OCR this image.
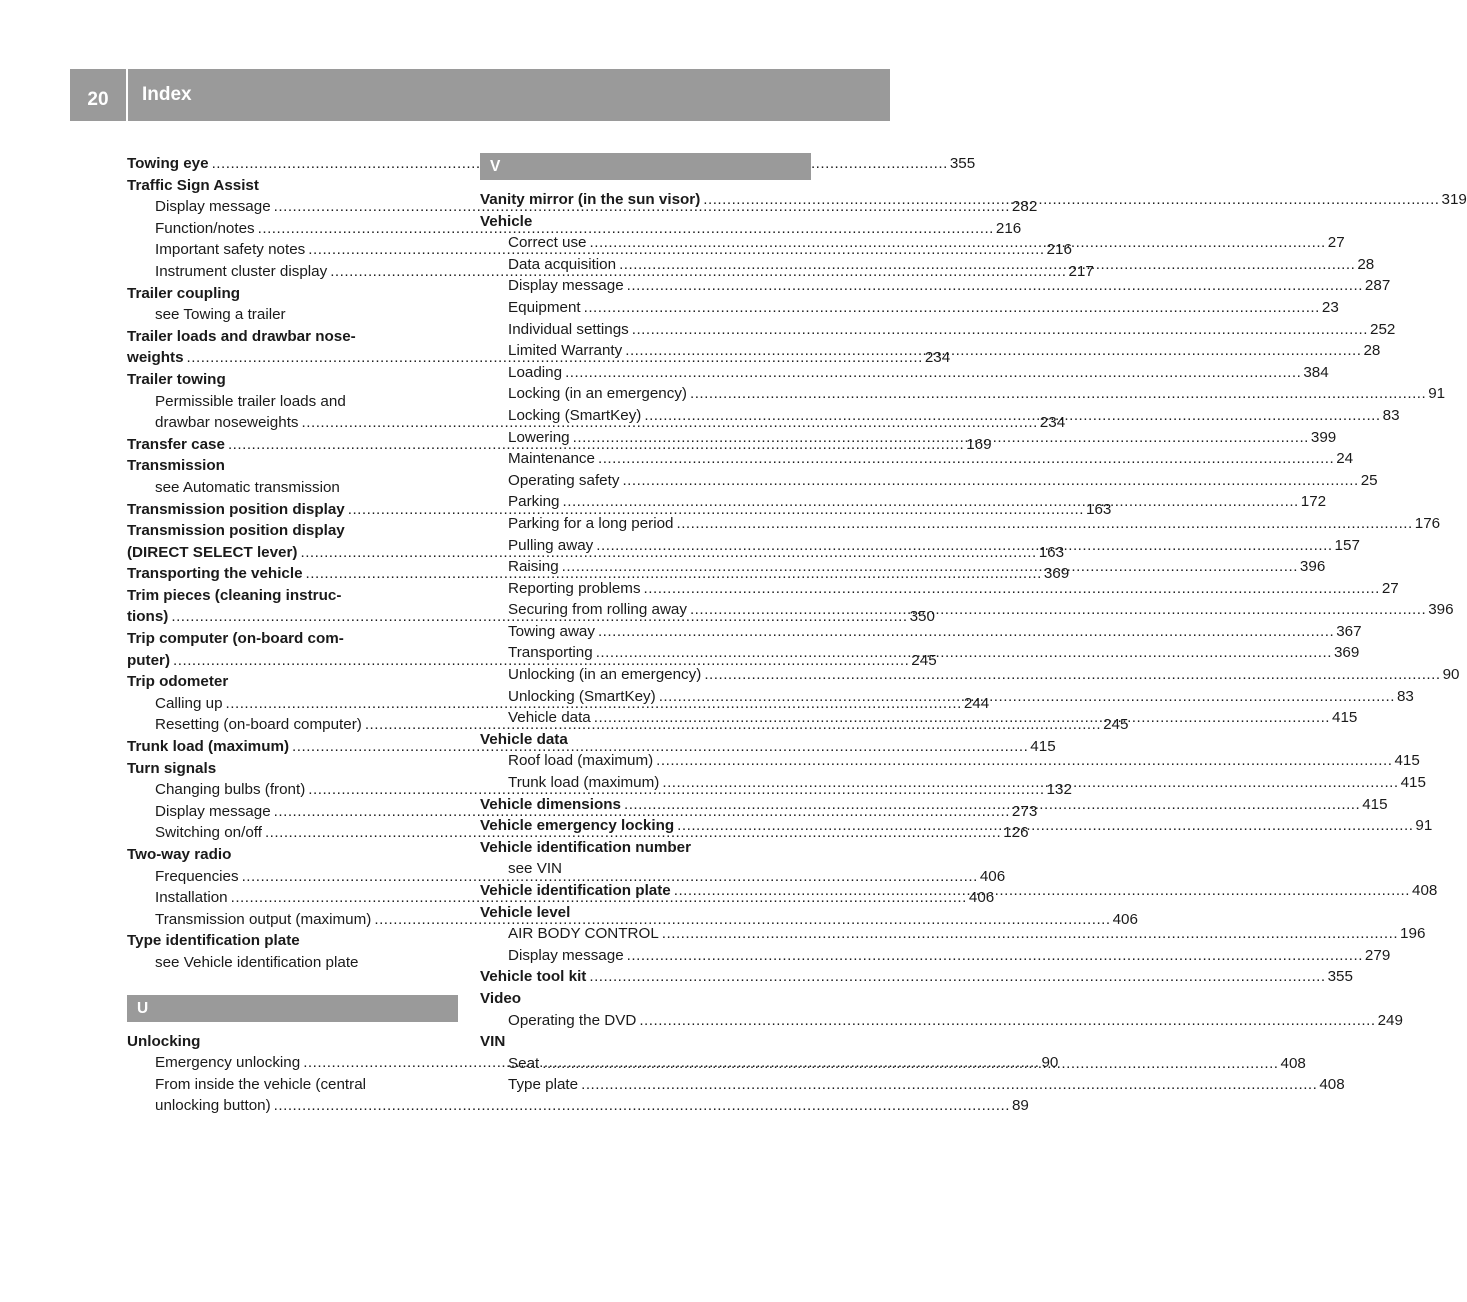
20	Index
Towing eye .....	355
Traffic Sign Assist
Display message .....	282
Function/notes .....	216
Important safety notes .....	216
Instrument cluster display .....	217
Trailer coupling
see Towing a trailer
Trailer loads and drawbar nose-
weights .....	234
Trailer towing
Permissible trailer loads and
drawbar noseweights .....	234
Transfer case .....	169
Transmission
see Automatic transmission
Transmission position display .....	163
Transmission position display
(DIRECT SELECT lever) .....	163
Transporting the vehicle .....	369
Trim pieces (cleaning instruc-
tions) .....	350
Trip computer (on-board com-
puter) .....	245
Trip odometer
Calling up .....	244
Resetting (on-board computer) .....	245
Trunk load (maximum) .....	415
Turn signals
Changing bulbs (front) .....	132
Display message .....	273
Switching on/off .....	126
Two-way radio
Frequencies .....	406
Installation .....	406
Transmission output (maximum) .....	406
Type identification plate
see Vehicle identification plate
U
Unlocking
Emergency unlocking .....	90
From inside the vehicle (central
unlocking button) .....	89
V
Vanity mirror (in the sun visor) .....	319
Vehicle
Correct use .....	27
Data acquisition .....	28
Display message .....	287
Equipment .....	23
Individual settings .....	252
Limited Warranty .....	28
Loading .....	384
Locking (in an emergency) .....	91
Locking (SmartKey) .....	83
Lowering .....	399
Maintenance .....	24
Operating safety .....	25
Parking .....	172
Parking for a long period .....	176
Pulling away .....	157
Raising .....	396
Reporting problems .....	27
Securing from rolling away .....	396
Towing away .....	367
Transporting .....	369
Unlocking (in an emergency) .....	90
Unlocking (SmartKey) .....	83
Vehicle data .....	415
Vehicle data
Roof load (maximum) .....	415
Trunk load (maximum) .....	415
Vehicle dimensions .....	415
Vehicle emergency locking .....	91
Vehicle identification number
see VIN
Vehicle identification plate .....	408
Vehicle level
AIR BODY CONTROL .....	196
Display message .....	279
Vehicle tool kit .....	355
Video
Operating the DVD .....	249
VIN
Seat .....	408
Type plate .....	408
